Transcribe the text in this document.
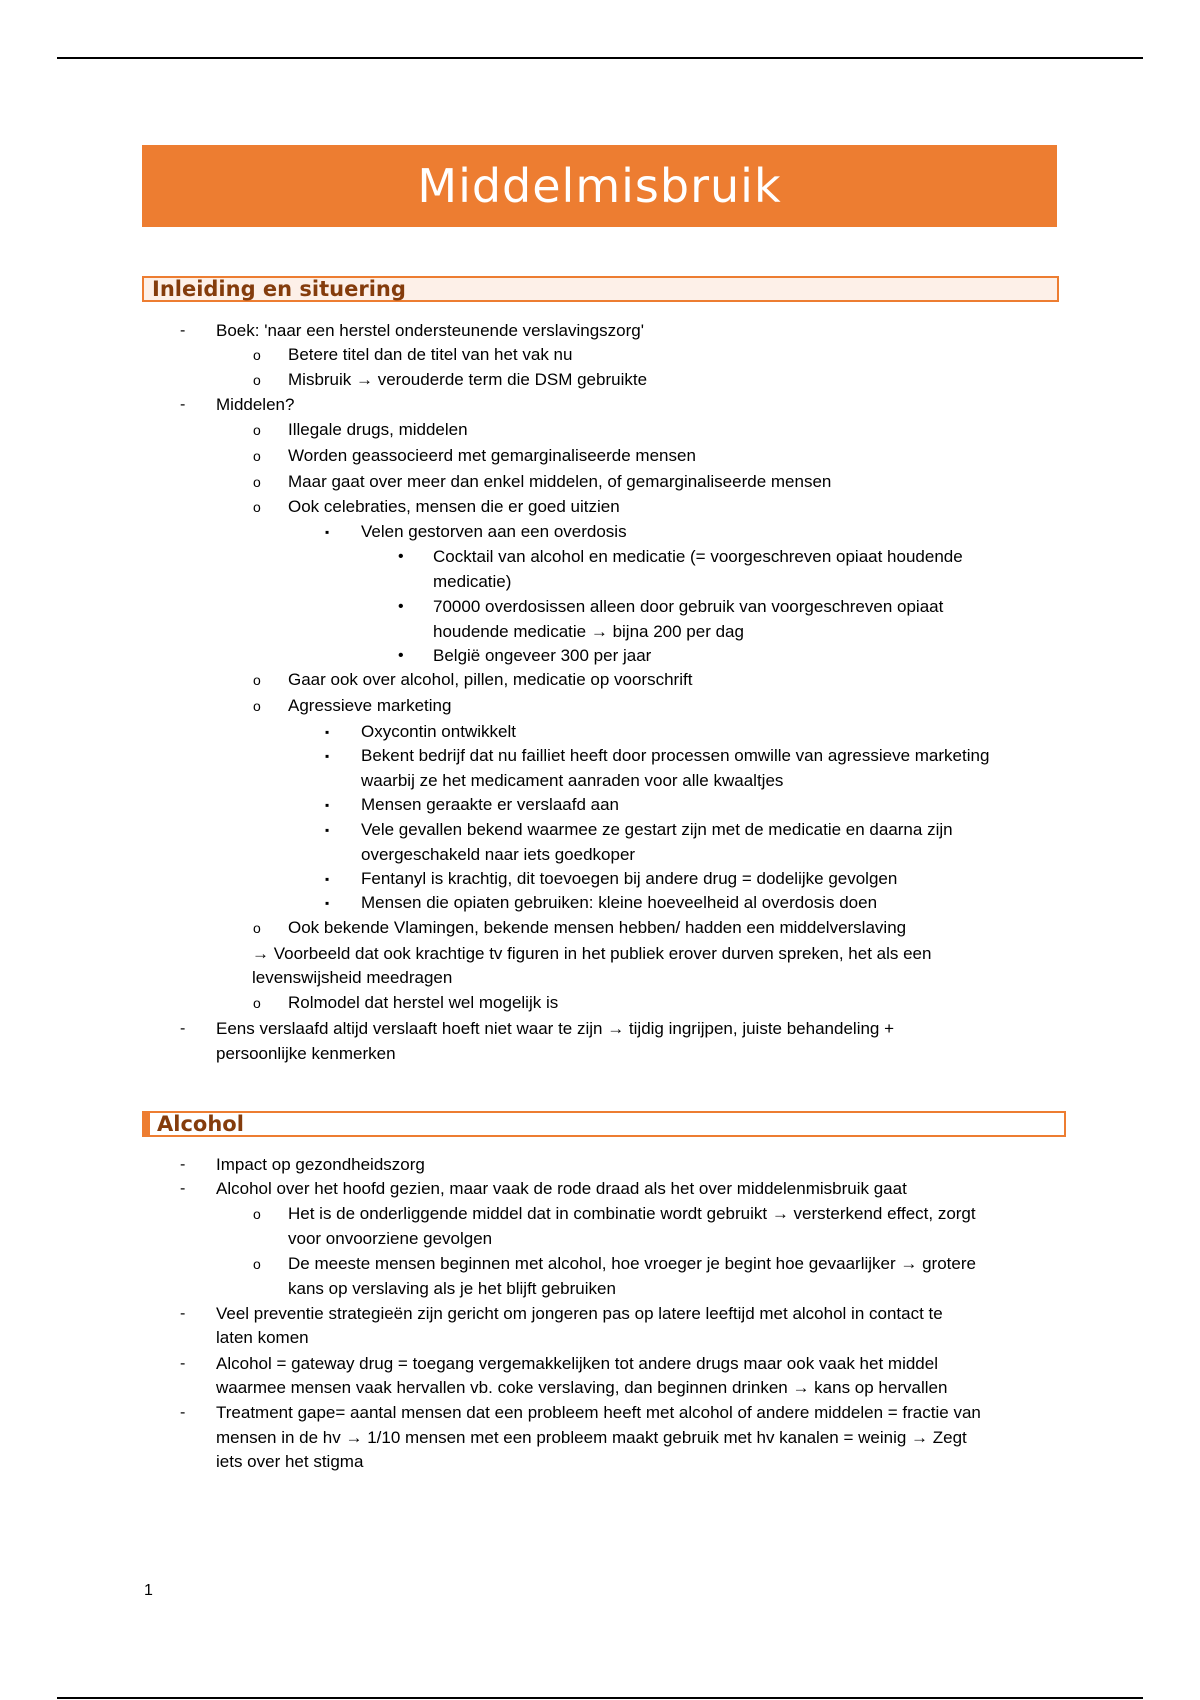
Middelmisbruik
Inleiding en situering
- Boek: 'naar een herstel ondersteunende verslavingszorg'
o Betere titel dan de titel van het vak nu
o Misbruik → verouderde term die DSM gebruikte
- Middelen?
o Illegale drugs, middelen
o Worden geassocieerd met gemarginaliseerde mensen
o Maar gaat over meer dan enkel middelen, of gemarginaliseerde mensen
o Ook celebraties, mensen die er goed uitzien
▪ Velen gestorven aan een overdosis
• Cocktail van alcohol en medicatie (= voorgeschreven opiaat houdende
medicatie)
• 70000 overdosissen alleen door gebruik van voorgeschreven opiaat
houdende medicatie → bijna 200 per dag
• België ongeveer 300 per jaar
o Gaar ook over alcohol, pillen, medicatie op voorschrift
o Agressieve marketing
▪ Oxycontin ontwikkelt
▪ Bekent bedrijf dat nu failliet heeft door processen omwille van agressieve marketing
waarbij ze het medicament aanraden voor alle kwaaltjes
▪ Mensen geraakte er verslaafd aan
▪ Vele gevallen bekend waarmee ze gestart zijn met de medicatie en daarna zijn
overgeschakeld naar iets goedkoper
▪ Fentanyl is krachtig, dit toevoegen bij andere drug = dodelijke gevolgen
▪ Mensen die opiaten gebruiken: kleine hoeveelheid al overdosis doen
o Ook bekende Vlamingen, bekende mensen hebben/ hadden een middelverslaving
→ Voorbeeld dat ook krachtige tv figuren in het publiek erover durven spreken, het als een
levenswijsheid meedragen
o Rolmodel dat herstel wel mogelijk is
- Eens verslaafd altijd verslaaft hoeft niet waar te zijn → tijdig ingrijpen, juiste behandeling +
persoonlijke kenmerken
Alcohol
- Impact op gezondheidszorg
- Alcohol over het hoofd gezien, maar vaak de rode draad als het over middelenmisbruik gaat
o Het is de onderliggende middel dat in combinatie wordt gebruikt → versterkend effect, zorgt
voor onvoorziene gevolgen
o De meeste mensen beginnen met alcohol, hoe vroeger je begint hoe gevaarlijker → grotere
kans op verslaving als je het blijft gebruiken
- Veel preventie strategieën zijn gericht om jongeren pas op latere leeftijd met alcohol in contact te
laten komen
- Alcohol = gateway drug = toegang vergemakkelijken tot andere drugs maar ook vaak het middel
waarmee mensen vaak hervallen vb. coke verslaving, dan beginnen drinken → kans op hervallen
- Treatment gape= aantal mensen dat een probleem heeft met alcohol of andere middelen = fractie van
mensen in de hv → 1/10 mensen met een probleem maakt gebruik met hv kanalen = weinig → Zegt
iets over het stigma
1
